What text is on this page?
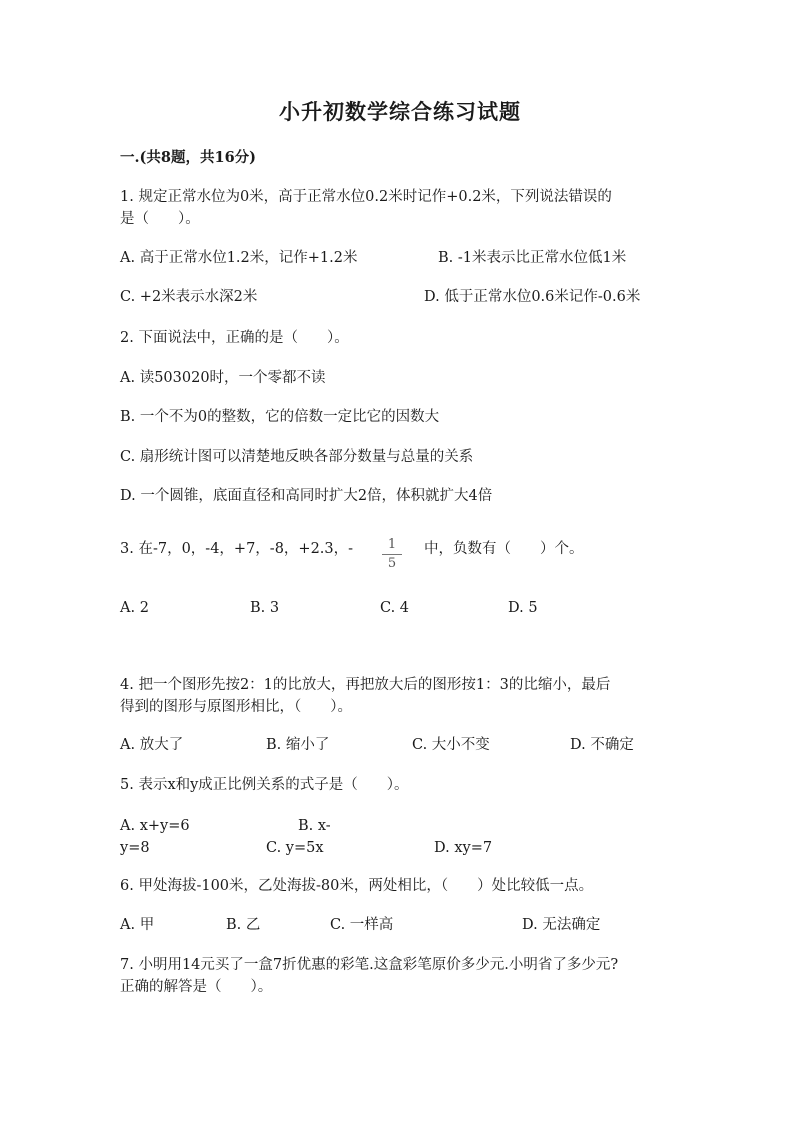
小升初数学综合练习试题
一.(共8题，共16分)
1. 规定正常水位为0米，高于正常水位0.2米时记作+0.2米，下列说法错误的
是（　　）。
A. 高于正常水位1.2米，记作+1.2米	B. -1米表示比正常水位低1米
C. +2米表示水深2米	D. 低于正常水位0.6米记作-0.6米
2. 下面说法中，正确的是（　　）。
A. 读503020时，一个零都不读
B. 一个不为0的整数，它的倍数一定比它的因数大
C. 扇形统计图可以清楚地反映各部分数量与总量的关系
D. 一个圆锥，底面直径和高同时扩大2倍，体积就扩大4倍
3. 在-7，0，-4，+7，-8，+2.3，-	1
5
中，负数有（　　）个。
A. 2	B. 3	C. 4	D. 5
4. 把一个图形先按2：1的比放大，再把放大后的图形按1：3的比缩小，最后
得到的图形与原图形相比，（　　）。
A. 放大了	B. 缩小了	C. 大小不变	D. 不确定
5. 表示x和y成正比例关系的式子是（　　）。
A. x+y=6	B. x-
y=8	C. y=5x	D. xy=7
6. 甲处海拔-100米，乙处海拔-80米，两处相比，（　　）处比较低一点。
A. 甲	B. 乙	C. 一样高	D. 无法确定
7. 小明用14元买了一盒7折优惠的彩笔.这盒彩笔原价多少元.小明省了多少元?
正确的解答是（　　）。
